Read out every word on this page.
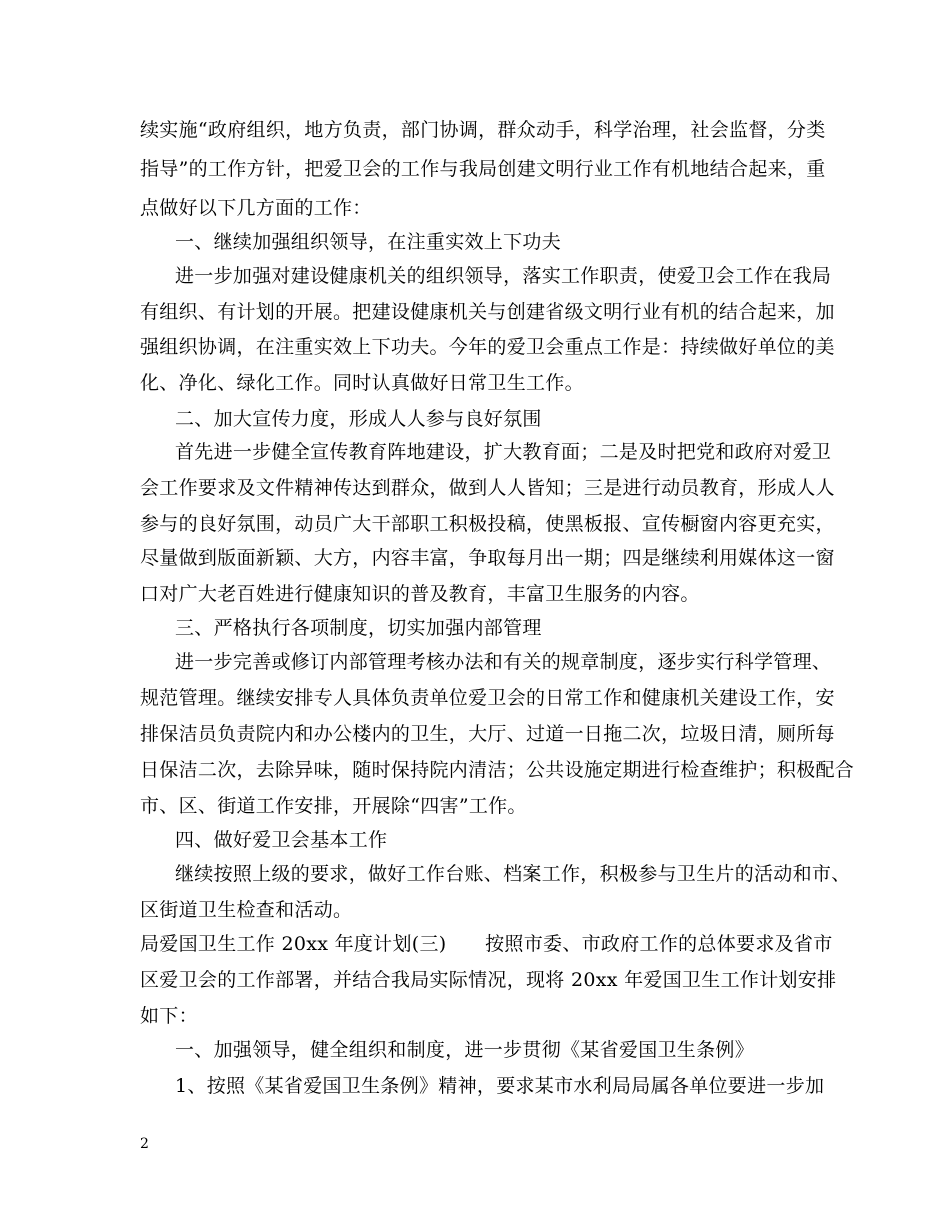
续实施“政府组织，地方负责，部门协调，群众动手，科学治理，社会监督，分类
指导”的工作方针，把爱卫会的工作与我局创建文明行业工作有机地结合起来，重
点做好以下几方面的工作：
一、继续加强组织领导，在注重实效上下功夫
进一步加强对建设健康机关的组织领导，落实工作职责，使爱卫会工作在我局
有组织、有计划的开展。把建设健康机关与创建省级文明行业有机的结合起来，加
强组织协调，在注重实效上下功夫。今年的爱卫会重点工作是：持续做好单位的美
化、净化、绿化工作。同时认真做好日常卫生工作。
二、加大宣传力度，形成人人参与良好氛围
首先进一步健全宣传教育阵地建设，扩大教育面；二是及时把党和政府对爱卫
会工作要求及文件精神传达到群众，做到人人皆知；三是进行动员教育，形成人人
参与的良好氛围，动员广大干部职工积极投稿，使黑板报、宣传橱窗内容更充实，
尽量做到版面新颖、大方，内容丰富，争取每月出一期；四是继续利用媒体这一窗
口对广大老百姓进行健康知识的普及教育，丰富卫生服务的内容。
三、严格执行各项制度，切实加强内部管理
进一步完善或修订内部管理考核办法和有关的规章制度，逐步实行科学管理、
规范管理。继续安排专人具体负责单位爱卫会的日常工作和健康机关建设工作，安
排保洁员负责院内和办公楼内的卫生，大厅、过道一日拖二次，垃圾日清，厕所每
日保洁二次，去除异味，随时保持院内清洁；公共设施定期进行检查维护；积极配合
市、区、街道工作安排，开展除“四害”工作。
四、做好爱卫会基本工作
继续按照上级的要求，做好工作台账、档案工作，积极参与卫生片的活动和市、
区街道卫生检查和活动。
局爱国卫生工作 20xx 年度计划(三)　　按照市委、市政府工作的总体要求及省市
区爱卫会的工作部署，并结合我局实际情况，现将 20xx 年爱国卫生工作计划安排
如下：
一、加强领导，健全组织和制度，进一步贯彻《某省爱国卫生条例》
1、按照《某省爱国卫生条例》精神，要求某市水利局局属各单位要进一步加
2
